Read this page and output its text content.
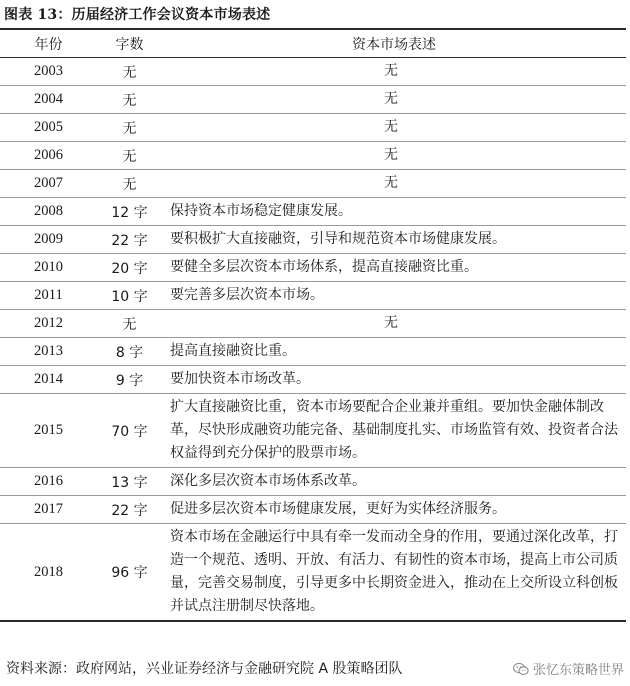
图表 13：历届经济工作会议资本市场表述
年份	字数	资本市场表述
2003	无	无
2004	无	无
2005	无	无
2006	无	无
2007	无	无
2008	12 字	保持资本市场稳定健康发展。
2009	22 字	要积极扩大直接融资，引导和规范资本市场健康发展。
2010	20 字	要健全多层次资本市场体系，提高直接融资比重。
2011	10 字	要完善多层次资本市场。
2012	无	无
2013	8 字	提高直接融资比重。
2014	9 字	要加快资本市场改革。
2015	70 字	扩大直接融资比重，资本市场要配合企业兼并重组。要加快金融体制改革，尽快形成融资功能完备、基础制度扎实、市场监管有效、投资者合法权益得到充分保护的股票市场。
2016	13 字	深化多层次资本市场体系改革。
2017	22 字	促进多层次资本市场健康发展，更好为实体经济服务。
2018	96 字	资本市场在金融运行中具有牵一发而动全身的作用，要通过深化改革，打造一个规范、透明、开放、有活力、有韧性的资本市场，提高上市公司质量，完善交易制度，引导更多中长期资金进入，推动在上交所设立科创板并试点注册制尽快落地。
资料来源：政府网站，兴业证券经济与金融研究院 A 股策略团队	张忆东策略世界
